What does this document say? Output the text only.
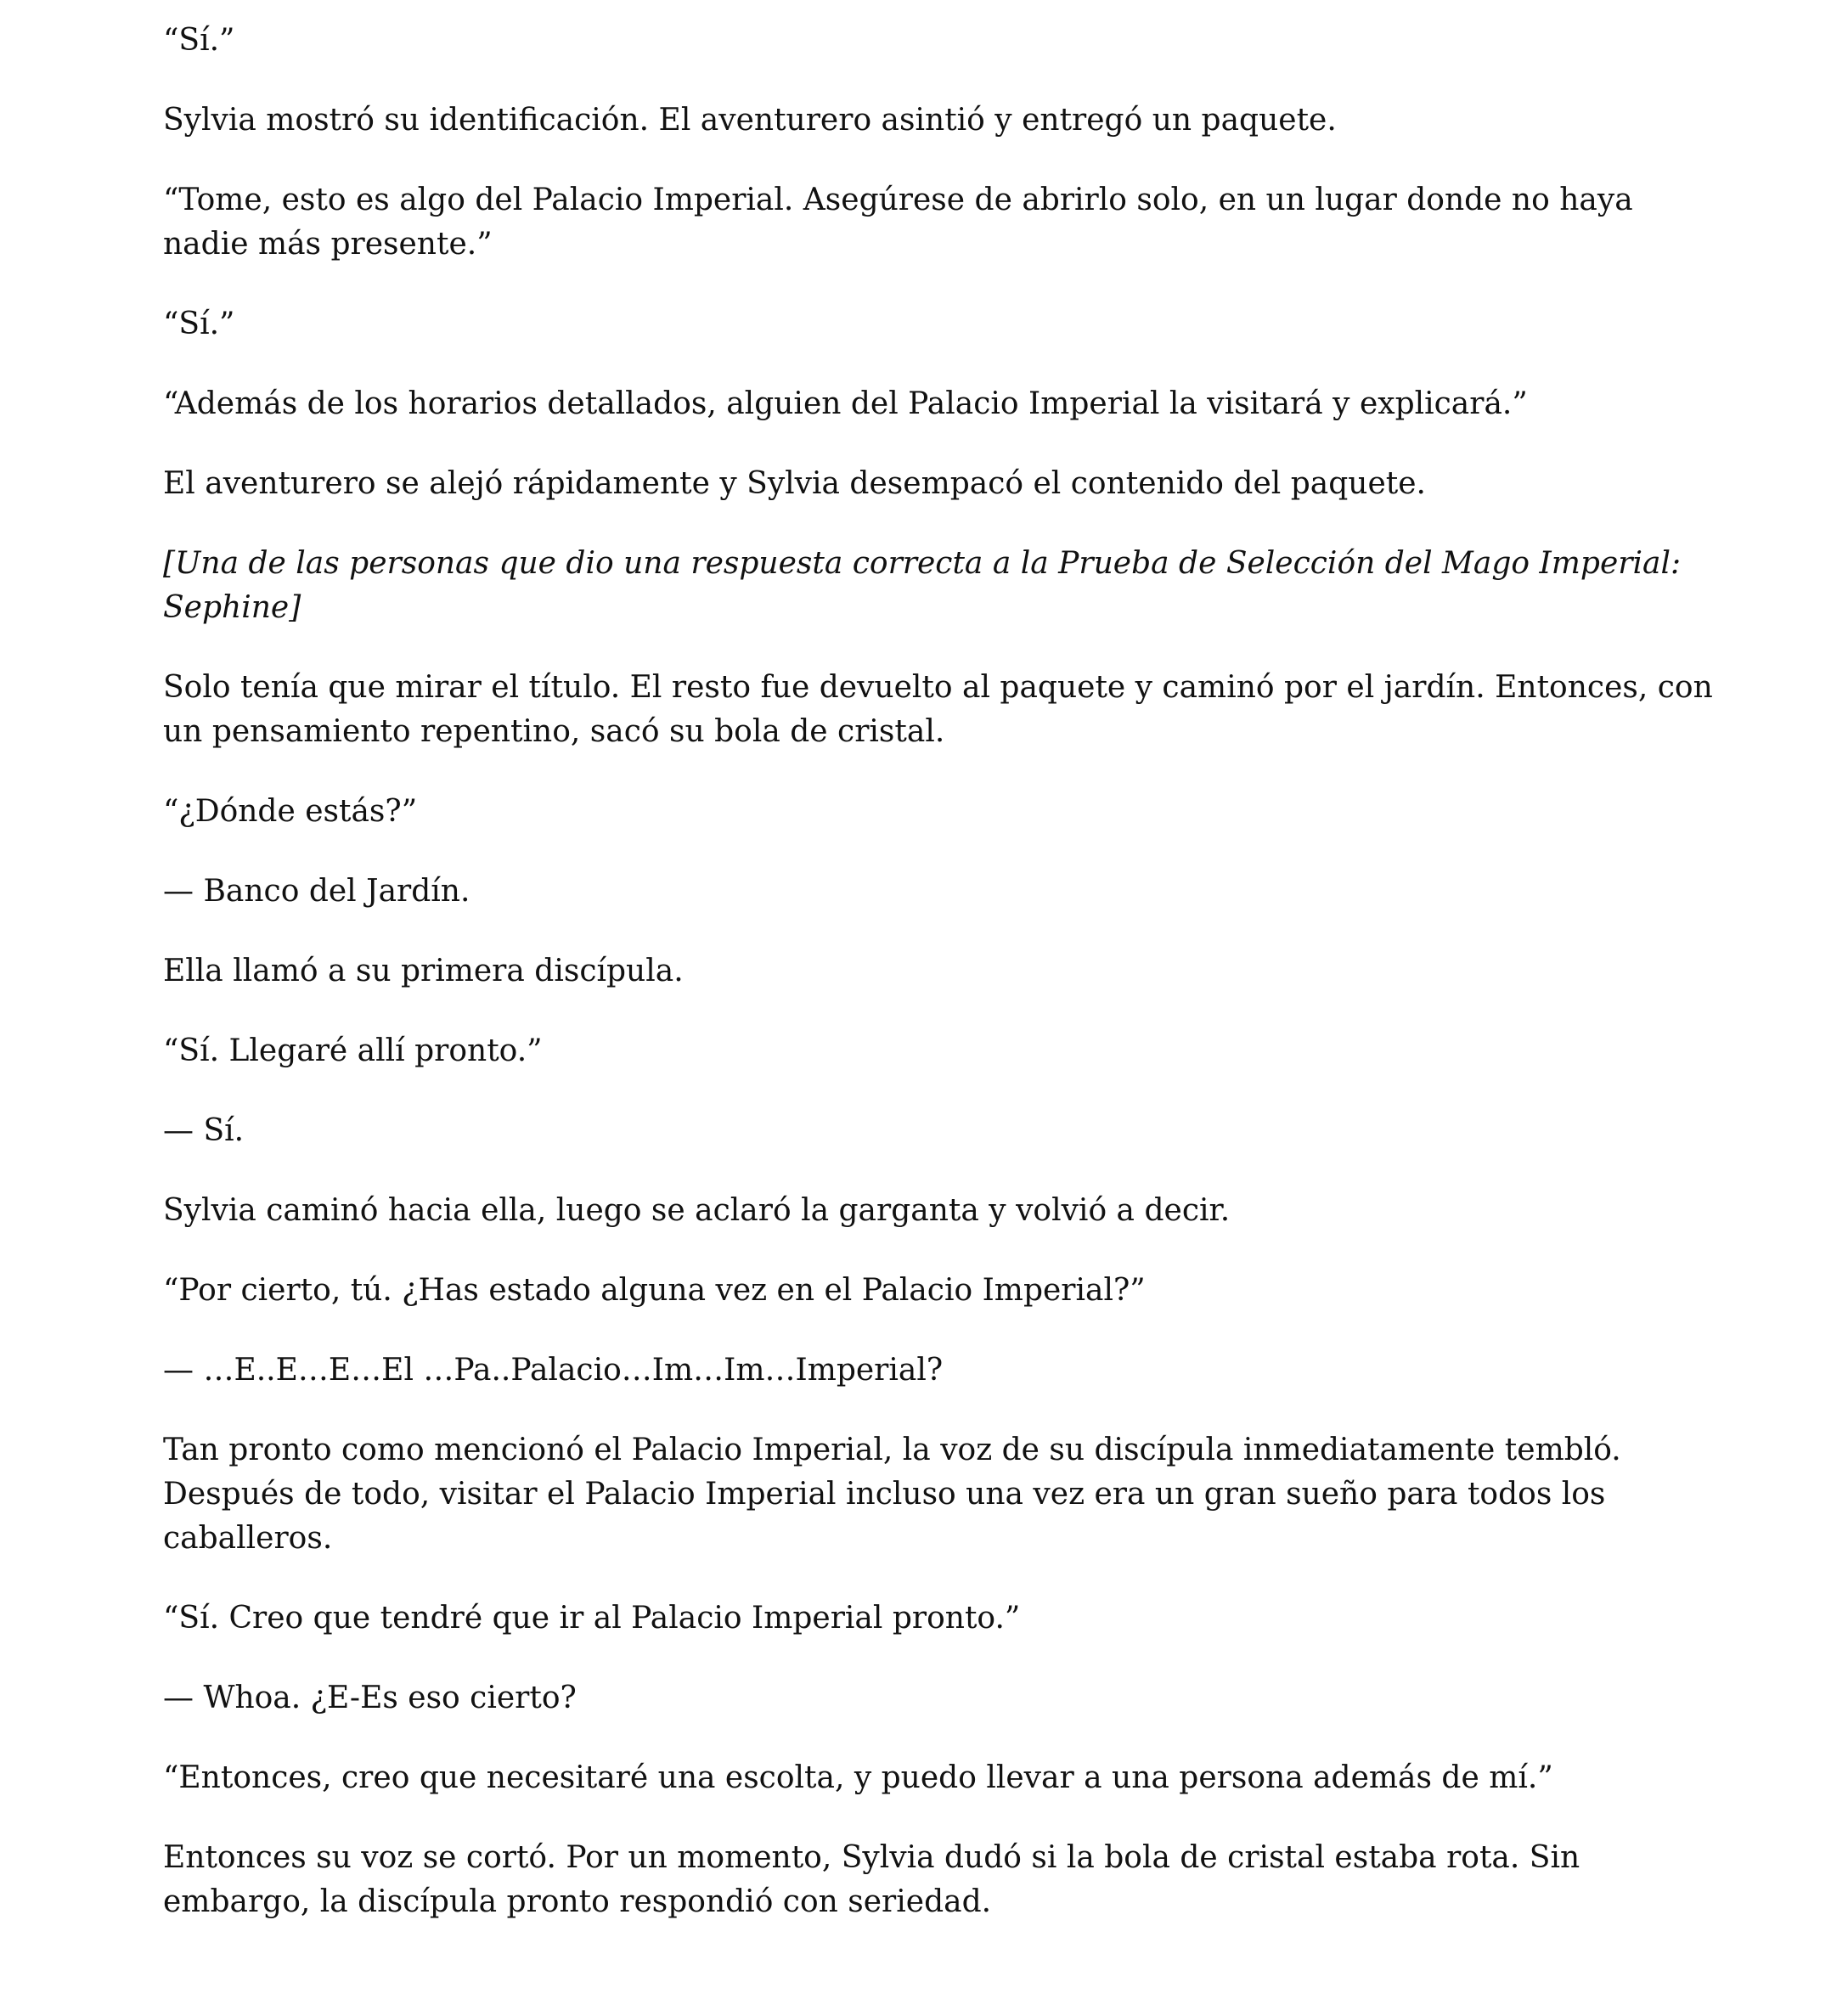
“Sí.”

Sylvia mostró su identificación. El aventurero asintió y entregó un paquete.

“Tome, esto es algo del Palacio Imperial. Asegúrese de abrirlo solo, en un lugar donde no haya nadie más presente.”

“Sí.”

“Además de los horarios detallados, alguien del Palacio Imperial la visitará y explicará.”

El aventurero se alejó rápidamente y Sylvia desempacó el contenido del paquete.

[Una de las personas que dio una respuesta correcta a la Prueba de Selección del Mago Imperial: Sephine]

Solo tenía que mirar el título. El resto fue devuelto al paquete y caminó por el jardín. Entonces, con un pensamiento repentino, sacó su bola de cristal.

“¿Dónde estás?”

— Banco del Jardín.

Ella llamó a su primera discípula.

“Sí. Llegaré allí pronto.”

— Sí.

Sylvia caminó hacia ella, luego se aclaró la garganta y volvió a decir.

“Por cierto, tú. ¿Has estado alguna vez en el Palacio Imperial?”

— …E..E…E…El …Pa..Palacio…Im…Im…Imperial?

Tan pronto como mencionó el Palacio Imperial, la voz de su discípula inmediatamente tembló. Después de todo, visitar el Palacio Imperial incluso una vez era un gran sueño para todos los caballeros.

“Sí. Creo que tendré que ir al Palacio Imperial pronto.”

— Whoa. ¿E-Es eso cierto?

“Entonces, creo que necesitaré una escolta, y puedo llevar a una persona además de mí.”

Entonces su voz se cortó. Por un momento, Sylvia dudó si la bola de cristal estaba rota. Sin embargo, la discípula pronto respondió con seriedad.
